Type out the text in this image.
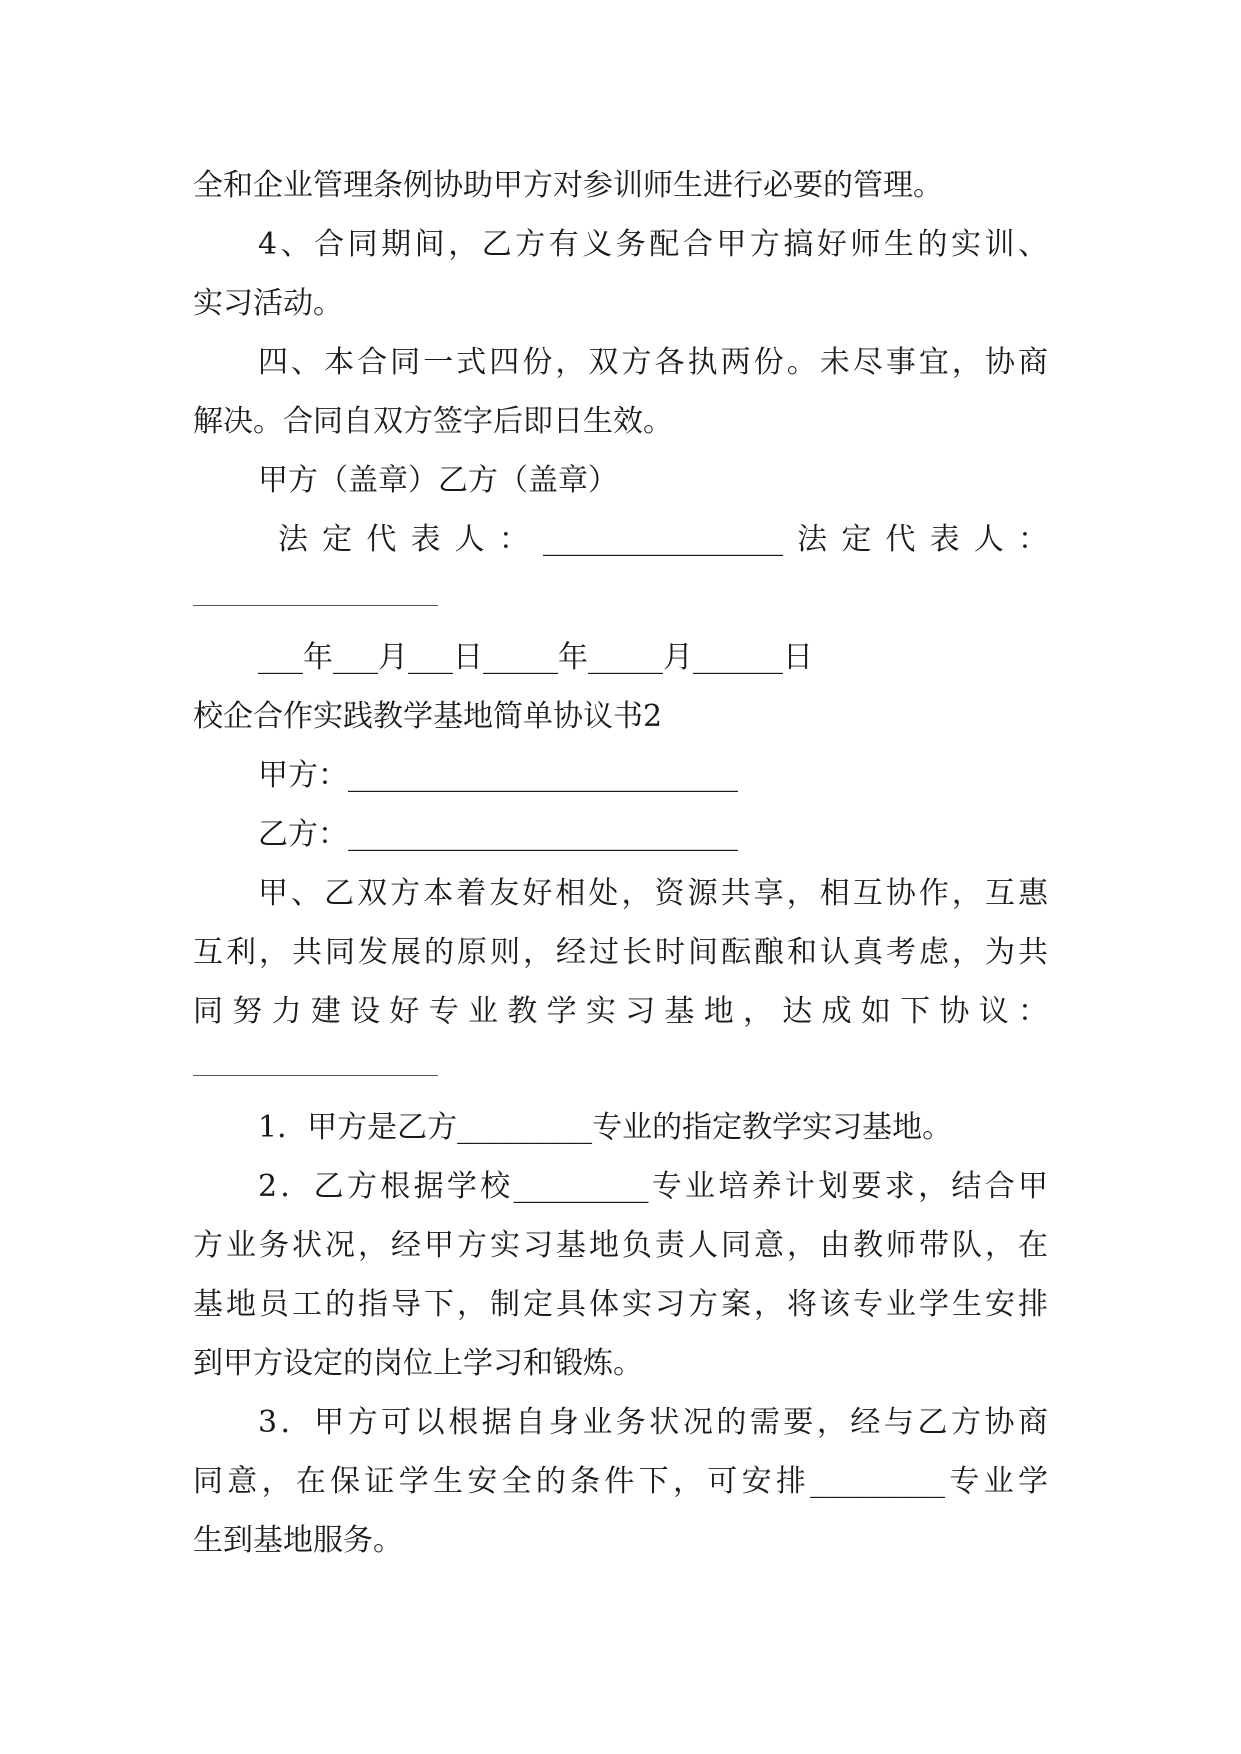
全和企业管理条例协助甲方对参训师生进行必要的管理。
4、合同期间，乙方有义务配合甲方搞好师生的实训、
实习活动。
四、本合同一式四份，双方各执两份。未尽事宜，协商
解决。合同自双方签字后即日生效。
甲方（盖章）乙方（盖章）
法定代表人：________________法定代表人：
___年___月___日_____年_____月______日
校企合作实践教学基地简单协议书2
甲方：__________________________
乙方：__________________________
甲、乙双方本着友好相处，资源共享，相互协作，互惠
互利，共同发展的原则，经过长时间酝酿和认真考虑，为共
同努力建设好专业教学实习基地，达成如下协议：
1．甲方是乙方_________专业的指定教学实习基地。
2．乙方根据学校_________专业培养计划要求，结合甲
方业务状况，经甲方实习基地负责人同意，由教师带队，在
基地员工的指导下，制定具体实习方案，将该专业学生安排
到甲方设定的岗位上学习和锻炼。
3．甲方可以根据自身业务状况的需要，经与乙方协商
同意，在保证学生安全的条件下，可安排_________专业学
生到基地服务。
